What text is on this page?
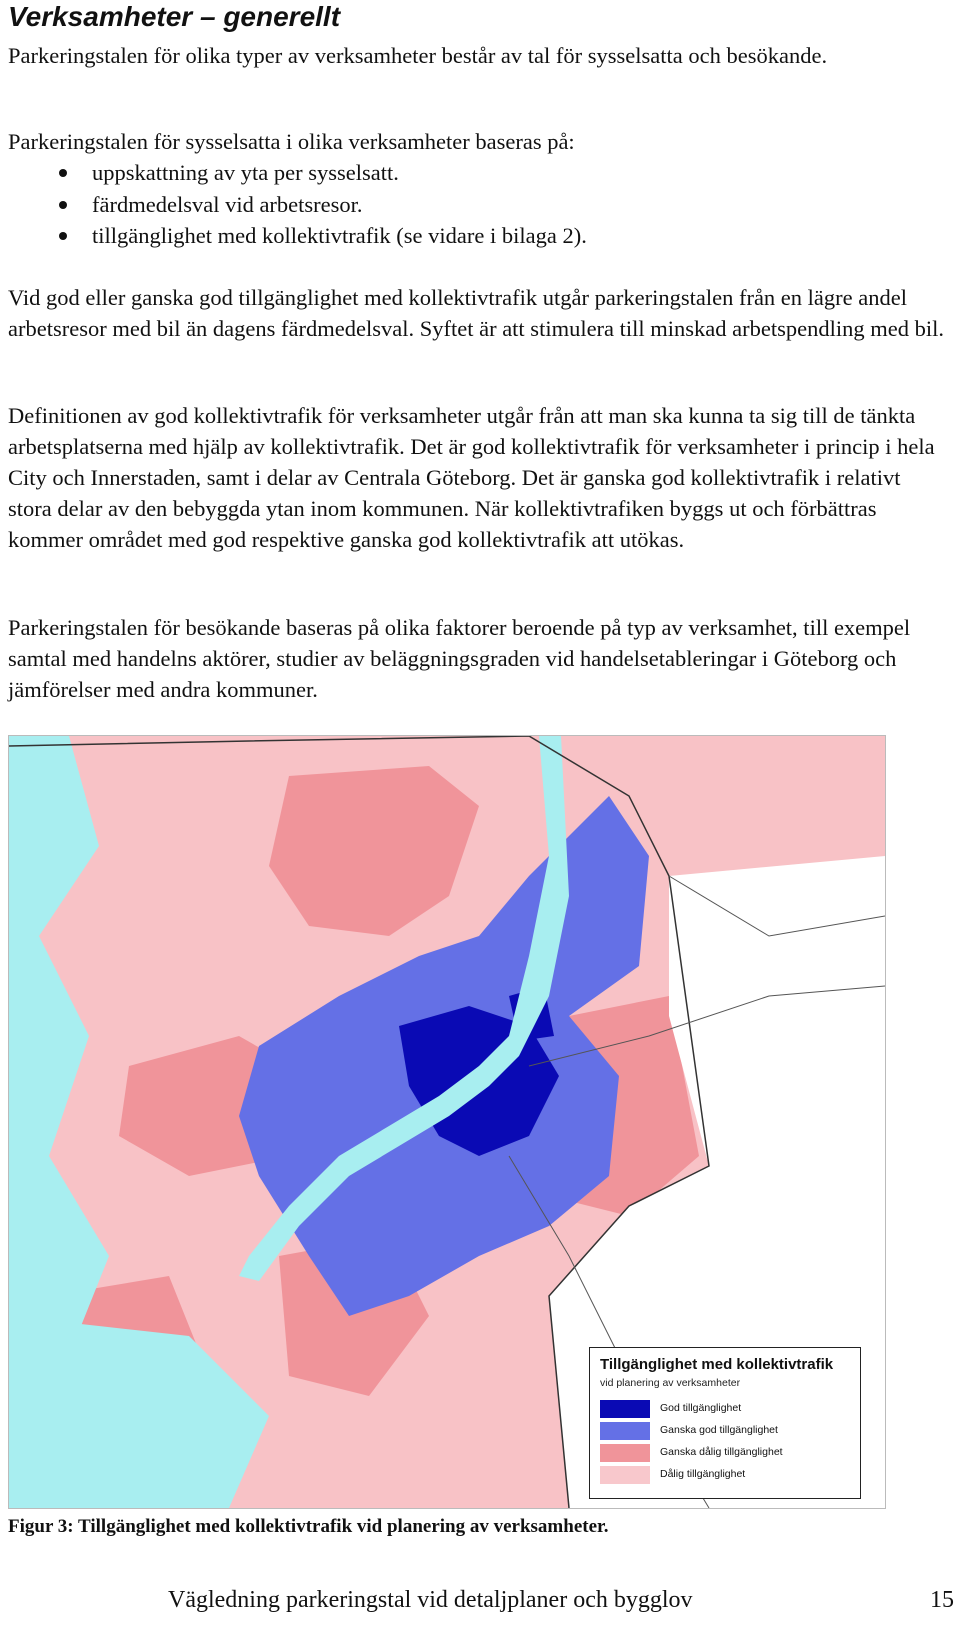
Verksamheter – generellt

Parkeringstalen för olika typer av verksamheter består av tal för sysselsatta och besökande.

Parkeringstalen för sysselsatta i olika verksamheter baseras på:

uppskattning av yta per sysselsatt.
färdmedelsval vid arbetsresor.
tillgänglighet med kollektivtrafik (se vidare i bilaga 2).

Vid god eller ganska god tillgänglighet med kollektivtrafik utgår parkeringstalen från en lägre andel arbetsresor med bil än dagens färdmedelsval. Syftet är att stimulera till minskad arbetspendling med bil.

Definitionen av god kollektivtrafik för verksamheter utgår från att man ska kunna ta sig till de tänkta arbetsplatserna med hjälp av kollektivtrafik. Det är god kollektivtrafik för verksamheter i princip i hela City och Innerstaden, samt i delar av Centrala Göteborg. Det är ganska god kollektivtrafik i relativt stora delar av den bebyggda ytan inom kommunen. När kollektivtrafiken byggs ut och förbättras kommer området med god respektive ganska god kollektivtrafik att utökas.

Parkeringstalen för besökande baseras på olika faktorer beroende på typ av verksamhet, till exempel samtal med handelns aktörer, studier av beläggningsgraden vid handelsetableringar i Göteborg och jämförelser med andra kommuner.

Tillgänglighet med kollektivtrafik
vid planering av verksamheter
God tillgänglighet
Ganska god tillgänglighet
Ganska dålig tillgänglighet
Dålig tillgänglighet

Figur 3: Tillgänglighet med kollektivtrafik vid planering av verksamheter.

Vägledning parkeringstal vid detaljplaner och bygglov	15
